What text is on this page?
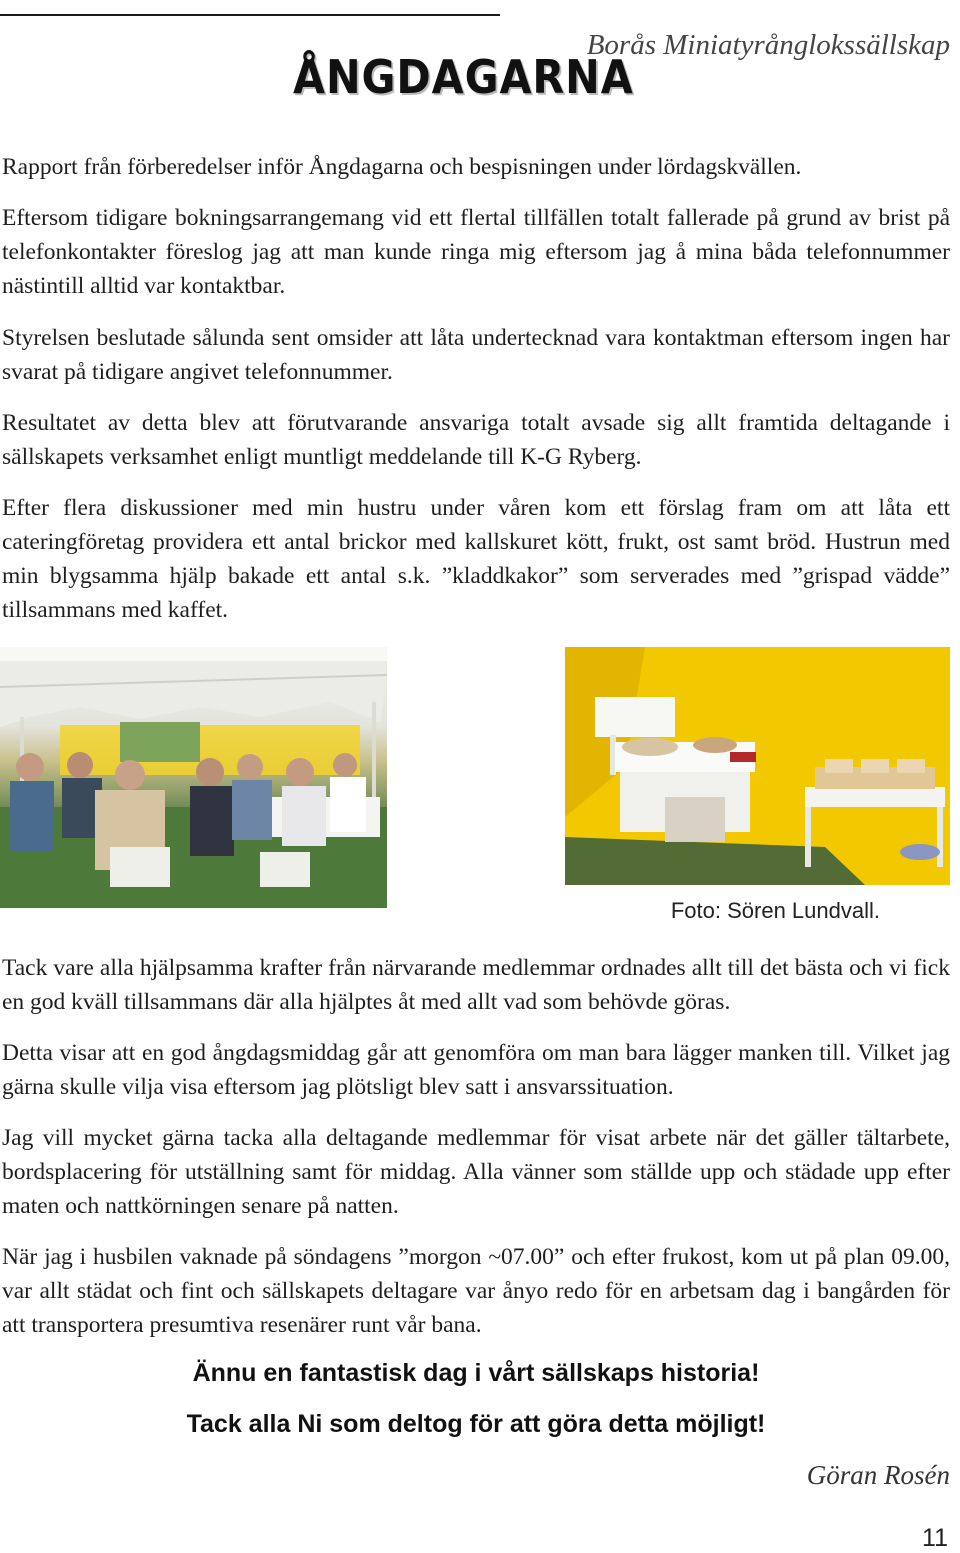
Borås Miniatyrånglokssällskap

ÅNGDAGARNA

Rapport från förberedelser inför Ångdagarna och bespisningen under lördagskvällen.

Eftersom tidigare bokningsarrangemang vid ett flertal tillfällen totalt fallerade på grund av brist på telefonkontakter föreslog jag att man kunde ringa mig eftersom jag å mina båda telefonnummer nästintill alltid var kontaktbar.

Styrelsen beslutade sålunda sent omsider att låta undertecknad vara kontaktman eftersom ingen har svarat på tidigare angivet telefonnummer.

Resultatet av detta blev att förutvarande ansvariga totalt avsade sig allt framtida deltagande i sällskapets verksamhet enligt muntligt meddelande till K-G Ryberg.

Efter flera diskussioner med min hustru under våren kom ett förslag fram om att låta ett cateringföretag providera ett antal brickor med kallskuret kött, frukt, ost samt bröd. Hustrun med min blygsamma hjälp bakade ett antal s.k. ”kladdkakor” som serverades med ”grispad vädde” tillsammans med kaffet.

Foto: Sören Lundvall.

Tack vare alla hjälpsamma krafter från närvarande medlemmar ordnades allt till det bästa och vi fick en god kväll tillsammans där alla hjälptes åt med allt vad som behövde göras.

Detta visar att en god ångdagsmiddag går att genomföra om man bara lägger manken till. Vilket jag gärna skulle vilja visa eftersom jag plötsligt blev satt i ansvarssituation.

Jag vill mycket gärna tacka alla deltagande medlemmar för visat arbete när det gäller tältarbete, bordsplacering för utställning samt för middag. Alla vänner som ställde upp och städade upp efter maten och nattkörningen senare på natten.

När jag i husbilen vaknade på söndagens ”morgon ~07.00” och efter frukost, kom ut på plan 09.00, var allt städat och fint och sällskapets deltagare var ånyo redo för en arbetsam dag i bangården för att transportera presumtiva resenärer runt vår bana.

Ännu en fantastisk dag i vårt sällskaps historia!

Tack alla Ni som deltog för att göra detta möjligt!

Göran Rosén

11
